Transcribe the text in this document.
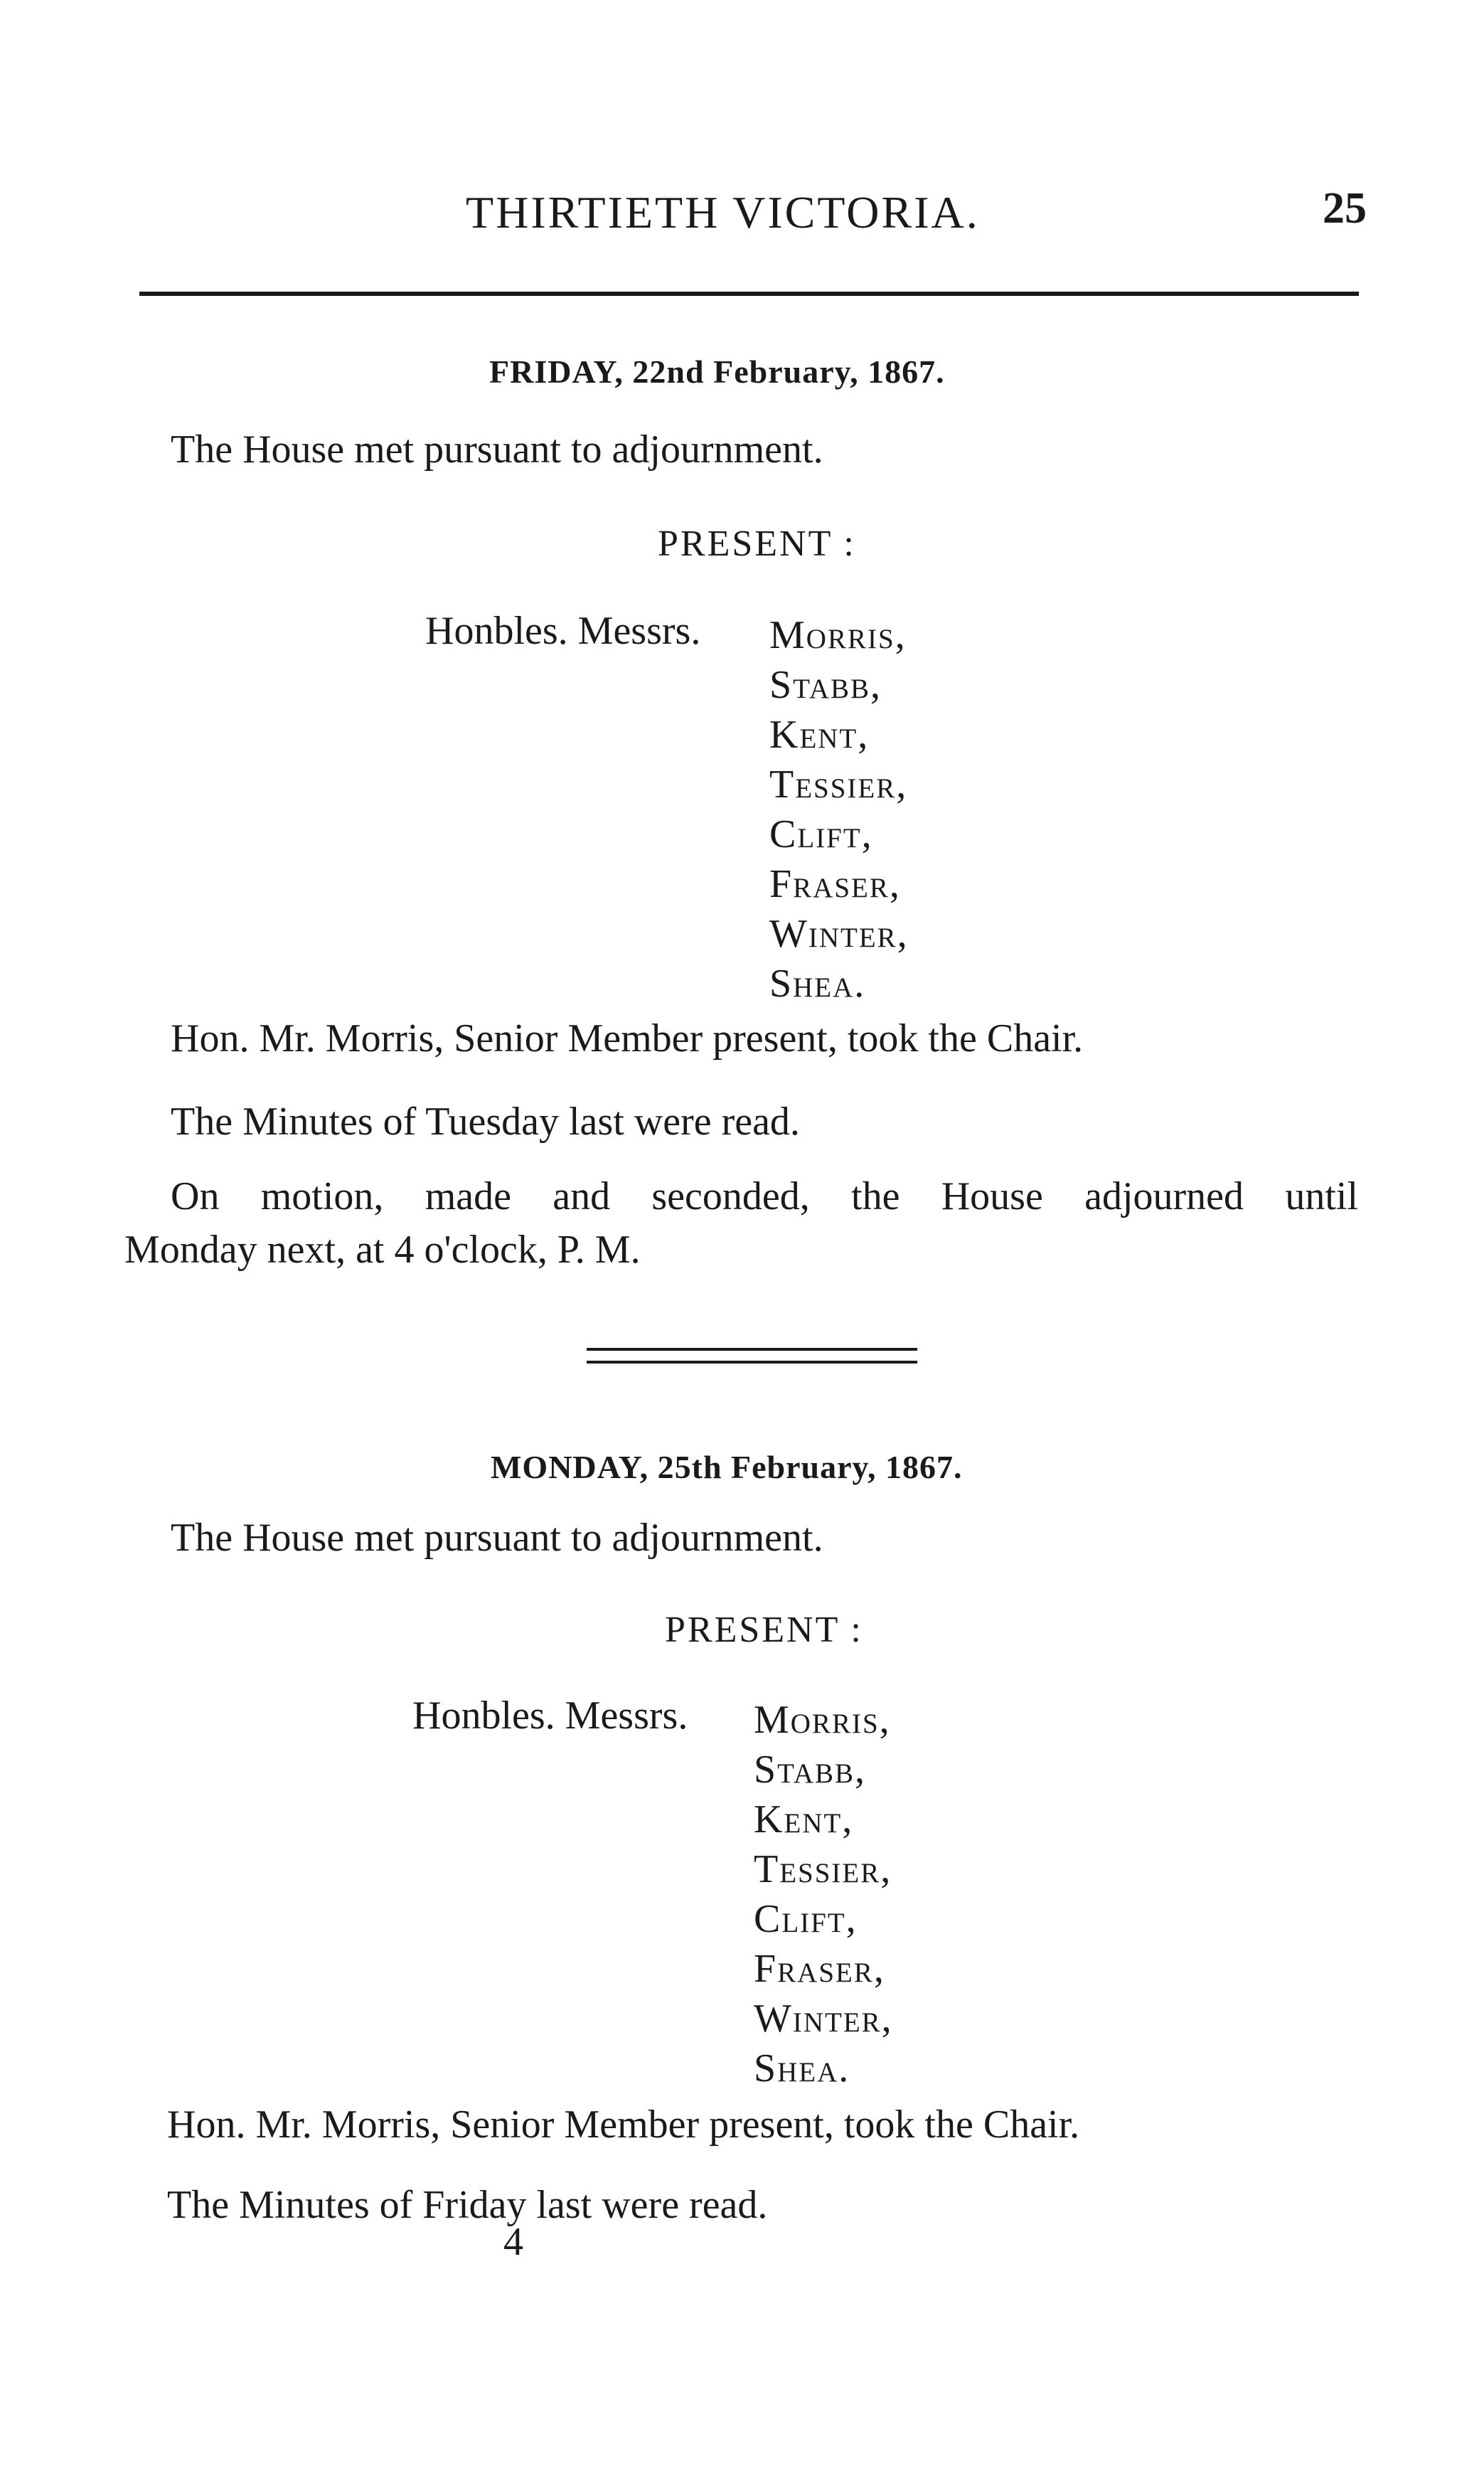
THIRTIETH VICTORIA.	25
FRIDAY, 22nd February, 1867.
The House met pursuant to adjournment.
PRESENT :
Honbles. Messrs. Morris,
Stabb,
Kent,
Tessier,
Clift,
Fraser,
Winter,
Shea.
Hon. Mr. Morris, Senior Member present, took the Chair.
The Minutes of Tuesday last were read.
On motion, made and seconded, the House adjourned until
Monday next, at 4 o'clock, P. M.
MONDAY, 25th February, 1867.
The House met pursuant to adjournment.
PRESENT :
Honbles. Messrs. Morris,
Stabb,
Kent,
Tessier,
Clift,
Fraser,
Winter,
Shea.
Hon. Mr. Morris, Senior Member present, took the Chair.
The Minutes of Friday last were read.
4
